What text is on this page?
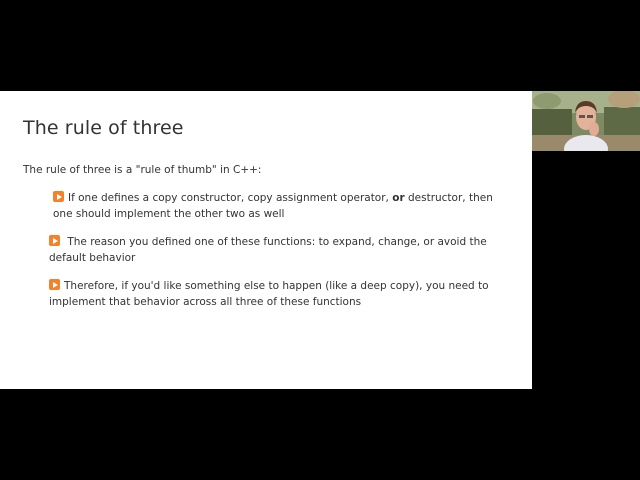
The rule of three

The rule of three is a "rule of thumb" in C++:

If one defines a copy constructor, copy assignment operator, or destructor, then one should implement the other two as well
The reason you defined one of these functions: to expand, change, or avoid the default behavior
Therefore, if you'd like something else to happen (like a deep copy), you need to implement that behavior across all three of these functions
